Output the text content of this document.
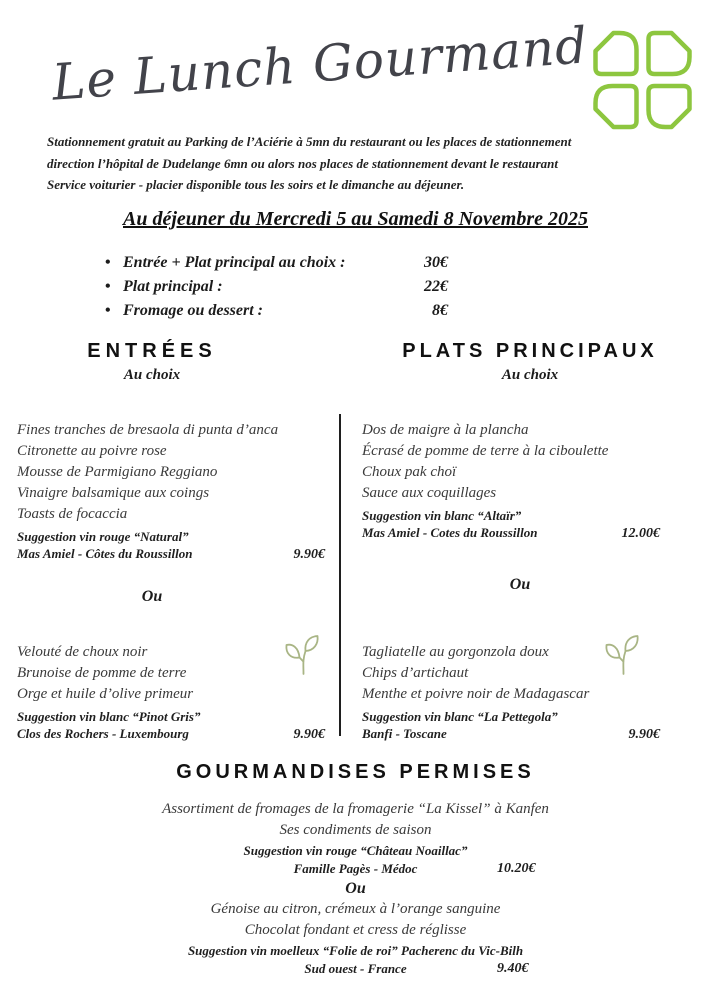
Le Lunch Gourmand
Stationnement gratuit au Parking de l’Aciérie à 5mn du restaurant ou les places de stationnement
direction l’hôpital de Dudelange 6mn ou alors nos places de stationnement devant le restaurant
Service voiturier - placier disponible tous les soirs et le dimanche au déjeuner.
Au déjeuner du Mercredi 5 au Samedi 8 Novembre 2025
• Entrée + Plat principal au choix :	30€
• Plat principal :	22€
• Fromage ou dessert :	8€
ENTRÉES
Au choix
PLATS PRINCIPAUX
Au choix
Fines tranches de bresaola di punta d’anca
Citronette au poivre rose
Mousse de Parmigiano Reggiano
Vinaigre balsamique aux coings
Toasts de focaccia
Suggestion vin rouge “Natural”
Mas Amiel - Côtes du Roussillon	9.90€
Dos de maigre à la plancha
Écrasé de pomme de terre à la ciboulette
Choux pak choï
Sauce aux coquillages
Suggestion vin blanc “Altaïr”
Mas Amiel - Cotes du Roussillon	12.00€
Ou
Ou
Velouté de choux noir
Brunoise de pomme de terre
Orge et huile d’olive primeur
Suggestion vin blanc “Pinot Gris”
Clos des Rochers - Luxembourg	9.90€
Tagliatelle au gorgonzola doux
Chips d’artichaut
Menthe et poivre noir de Madagascar
Suggestion vin blanc “La Pettegola”
Banfi - Toscane	9.90€
GOURMANDISES PERMISES
Assortiment de fromages de la fromagerie “La Kissel” à Kanfen
Ses condiments de saison
Suggestion vin rouge “Château Noaillac”
Famille Pagès - Médoc	10.20€
Ou
Génoise au citron, crémeux à l’orange sanguine
Chocolat fondant et cress de réglisse
Suggestion vin moelleux “Folie de roi” Pacherenc du Vic-Bilh
Sud ouest - France	9.40€
